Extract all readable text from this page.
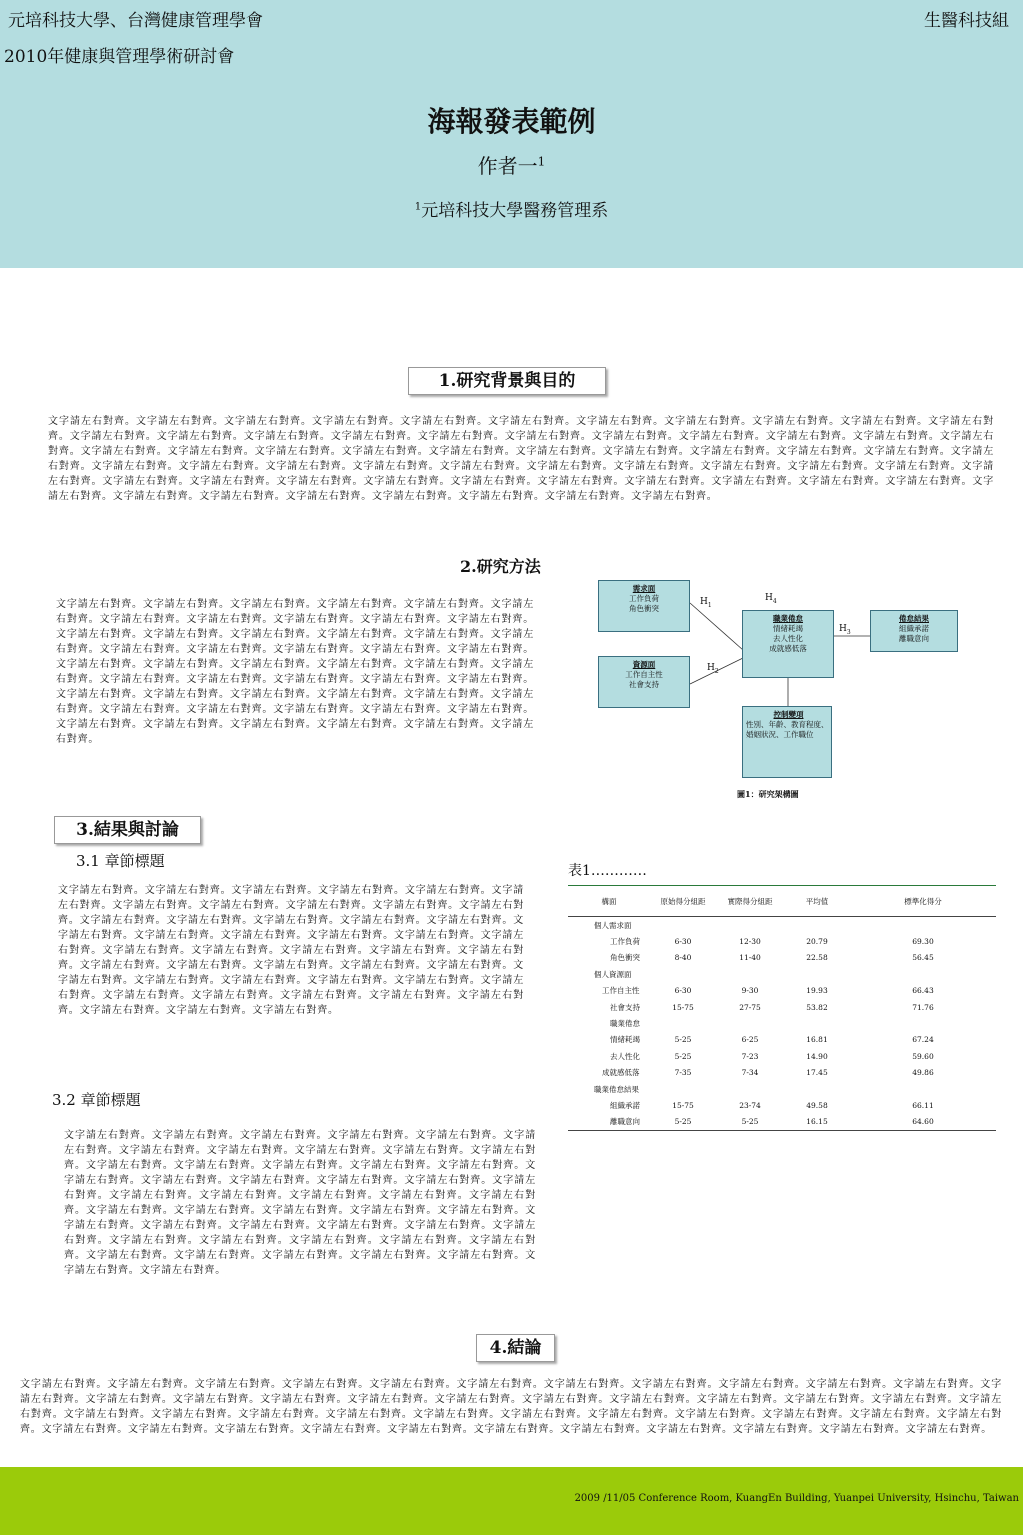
元培科技大學、台灣健康管理學會	生醫科技組
2010年健康與管理學術研討會
海報發表範例
作者一$^1$
$^1$元培科技大學醫務管理系
1.研究背景與目的
文字請左右對齊。文字請左右對齊。文字請左右對齊。文字請左右對齊。文字請左右對齊。文字請左右對齊。文字請左右對齊。文字請左右對齊。文字請左右對齊。文字請左右對齊。文字請左右對齊。文字請左右對齊。文字請左右對齊。文字請左右對齊。文字請左右對齊。文字請左右對齊。文字請左右對齊。文字請左右對齊。文字請左右對齊。文字請左右對齊。文字請左右對齊。文字請左右對齊。文字請左右對齊。文字請左右對齊。文字請左右對齊。文字請左右對齊。文字請左右對齊。文字請左右對齊。文字請左右對齊。文字請左右對齊。文字請左右對齊。文字請左右對齊。文字請左右對齊。文字請左右對齊。文字請左右對齊。文字請左右對齊。文字請左右對齊。文字請左右對齊。文字請左右對齊。文字請左右對齊。文字請左右對齊。文字請左右對齊。文字請左右對齊。文字請左右對齊。文字請左右對齊。文字請左右對齊。文字請左右對齊。文字請左右對齊。文字請左右對齊。文字請左右對齊。文字請左右對齊。文字請左右對齊。文字請左右對齊。文字請左右對齊。文字請左右對齊。文字請左右對齊。文字請左右對齊。文字請左右對齊。文字請左右對齊。文字請左右對齊。文字請左右對齊。文字請左右對齊。
2.研究方法
文字請左右對齊。文字請左右對齊。文字請左右對齊。文字請左右對齊。文字請左右對齊。文字請左右對齊。文字請左右對齊。文字請左右對齊。文字請左右對齊。文字請左右對齊。文字請左右對齊。文字請左右對齊。文字請左右對齊。文字請左右對齊。文字請左右對齊。文字請左右對齊。文字請左右對齊。文字請左右對齊。文字請左右對齊。文字請左右對齊。文字請左右對齊。文字請左右對齊。文字請左右對齊。文字請左右對齊。文字請左右對齊。文字請左右對齊。文字請左右對齊。文字請左右對齊。文字請左右對齊。文字請左右對齊。文字請左右對齊。文字請左右對齊。文字請左右對齊。文字請左右對齊。文字請左右對齊。文字請左右對齊。文字請左右對齊。文字請左右對齊。文字請左右對齊。文字請左右對齊。文字請左右對齊。文字請左右對齊。文字請左右對齊。文字請左右對齊。文字請左右對齊。文字請左右對齊。文字請左右對齊。文字請左右對齊。文字請左右對齊。文字請左右對齊。
需求面
工作負荷
角色衝突
資源面
工作自主性
社會支持
職業倦怠
情緒耗竭
去人性化
成就感低落
倦怠結果
組織承諾
離職意向
控制變項
性別、年齡、教育程度、婚姻狀況、工作職位
$H_1$
$H_2$
$H_3$
$H_4$
圖1：研究架構圖
3.結果與討論
3.1 章節標題
文字請左右對齊。文字請左右對齊。文字請左右對齊。文字請左右對齊。文字請左右對齊。文字請左右對齊。文字請左右對齊。文字請左右對齊。文字請左右對齊。文字請左右對齊。文字請左右對齊。文字請左右對齊。文字請左右對齊。文字請左右對齊。文字請左右對齊。文字請左右對齊。文字請左右對齊。文字請左右對齊。文字請左右對齊。文字請左右對齊。文字請左右對齊。文字請左右對齊。文字請左右對齊。文字請左右對齊。文字請左右對齊。文字請左右對齊。文字請左右對齊。文字請左右對齊。文字請左右對齊。文字請左右對齊。文字請左右對齊。文字請左右對齊。文字請左右對齊。文字請左右對齊。文字請左右對齊。文字請左右對齊。文字請左右對齊。文字請左右對齊。文字請左右對齊。文字請左右對齊。文字請左右對齊。文字請左右對齊。文字請左右對齊。文字請左右對齊。文字請左右對齊。文字請左右對齊。
3.2 章節標題
文字請左右對齊。文字請左右對齊。文字請左右對齊。文字請左右對齊。文字請左右對齊。文字請左右對齊。文字請左右對齊。文字請左右對齊。文字請左右對齊。文字請左右對齊。文字請左右對齊。文字請左右對齊。文字請左右對齊。文字請左右對齊。文字請左右對齊。文字請左右對齊。文字請左右對齊。文字請左右對齊。文字請左右對齊。文字請左右對齊。文字請左右對齊。文字請左右對齊。文字請左右對齊。文字請左右對齊。文字請左右對齊。文字請左右對齊。文字請左右對齊。文字請左右對齊。文字請左右對齊。文字請左右對齊。文字請左右對齊。文字請左右對齊。文字請左右對齊。文字請左右對齊。文字請左右對齊。文字請左右對齊。文字請左右對齊。文字請左右對齊。文字請左右對齊。文字請左右對齊。文字請左右對齊。文字請左右對齊。文字請左右對齊。文字請左右對齊。文字請左右對齊。文字請左右對齊。文字請左右對齊。文字請左右對齊。文字請左右對齊。文字請左右對齊。
表1…………
構面	原始得分組距	實際得分組距	平均值	標準化得分
個人需求面				
工作負荷	6-30	12-30	20.79	69.30
角色衝突	8-40	11-40	22.58	56.45
個人資源面				
工作自主性	6-30	9-30	19.93	66.43
社會支持	15-75	27-75	53.82	71.76
職業倦怠				
情緒耗竭	5-25	6-25	16.81	67.24
去人性化	5-25	7-23	14.90	59.60
成就感低落	7-35	7-34	17.45	49.86
職業倦怠結果				
組織承諾	15-75	23-74	49.58	66.11
離職意向	5-25	5-25	16.15	64.60
4.結論
文字請左右對齊。文字請左右對齊。文字請左右對齊。文字請左右對齊。文字請左右對齊。文字請左右對齊。文字請左右對齊。文字請左右對齊。文字請左右對齊。文字請左右對齊。文字請左右對齊。文字請左右對齊。文字請左右對齊。文字請左右對齊。文字請左右對齊。文字請左右對齊。文字請左右對齊。文字請左右對齊。文字請左右對齊。文字請左右對齊。文字請左右對齊。文字請左右對齊。文字請左右對齊。文字請左右對齊。文字請左右對齊。文字請左右對齊。文字請左右對齊。文字請左右對齊。文字請左右對齊。文字請左右對齊。文字請左右對齊。文字請左右對齊。文字請左右對齊。文字請左右對齊。文字請左右對齊。文字請左右對齊。文字請左右對齊。文字請左右對齊。文字請左右對齊。文字請左右對齊。文字請左右對齊。文字請左右對齊。文字請左右對齊。文字請左右對齊。文字請左右對齊。
2009 /11/05 Conference Room, KuangEn Building, Yuanpei University, Hsinchu, Taiwan
